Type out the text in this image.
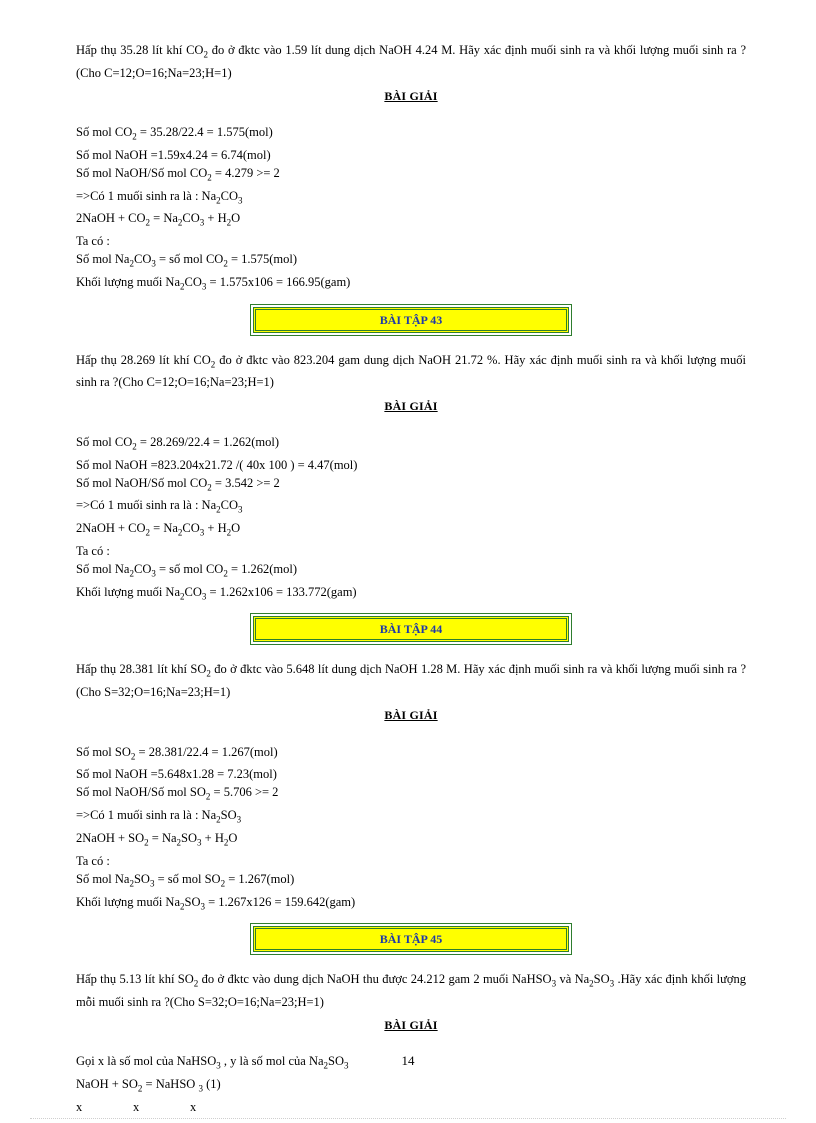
Hấp thụ 35.28 lít khí $CO_2$ đo ở đktc vào 1.59 lít dung dịch NaOH 4.24 M. Hãy xác định muối sinh ra và khối lượng muối sinh ra ?(Cho C=12;O=16;Na=23;H=1)

BÀI GIẢI

Số mol $CO_2 = 35.28/22.4 = 1.575(mol)$

Số mol NaOH =1.59x4.24 = 6.74(mol)

Số mol NaOH/Số mol $CO_2 = 4.279 >= 2$

=>Có 1 muối sinh ra là : $Na_2CO_3$

2NaOH + $CO_2 = Na_2CO_3 + H_2O$

Ta có :

Số mol $Na_2CO_3$ = số mol $CO_2 = 1.575(mol)$

Khối lượng muối $Na_2CO_3 = 1.575x106 = 166.95(gam)$

BÀI TẬP 43

Hấp thụ 28.269 lít khí $CO_2$ đo ở đktc vào 823.204 gam dung dịch NaOH 21.72 %. Hãy xác định muối sinh ra và khối lượng muối sinh ra ?(Cho C=12;O=16;Na=23;H=1)

BÀI GIẢI

Số mol $CO_2 = 28.269/22.4 = 1.262(mol)$

Số mol NaOH =823.204x21.72 /( 40x 100 ) = 4.47(mol)

Số mol NaOH/Số mol $CO_2 = 3.542 >= 2$

=>Có 1 muối sinh ra là : $Na_2CO_3$

2NaOH + $CO_2 = Na_2CO_3 + H_2O$

Ta có :

Số mol $Na_2CO_3$ = số mol $CO_2 = 1.262(mol)$

Khối lượng muối $Na_2CO_3 = 1.262x106 = 133.772(gam)$

BÀI TẬP 44

Hấp thụ 28.381 lít khí $SO_2$ đo ở đktc vào 5.648 lít dung dịch NaOH 1.28 M. Hãy xác định muối sinh ra và khối lượng muối sinh ra ?(Cho S=32;O=16;Na=23;H=1)

BÀI GIẢI

Số mol $SO_2 = 28.381/22.4 = 1.267(mol)$

Số mol NaOH =5.648x1.28 = 7.23(mol)

Số mol NaOH/Số mol $SO_2 = 5.706 >= 2$

=>Có 1 muối sinh ra là : $Na_2SO_3$

2NaOH + $SO_2 = Na_2SO_3 + H_2O$

Ta có :

Số mol $Na_2SO_3$ = số mol $SO_2 = 1.267(mol)$

Khối lượng muối $Na_2SO_3 = 1.267x126 = 159.642(gam)$

BÀI TẬP 45

Hấp thụ 5.13 lít khí $SO_2$ đo ở đktc vào dung dịch NaOH thu được 24.212 gam 2 muối NaHSO$_3$ và $Na_2SO_3$ .Hãy xác định khối lượng mỗi muối sinh ra ?(Cho S=32;O=16;Na=23;H=1)

BÀI GIẢI

Gọi x là số mol của NaHSO$_3$ , y là số mol của $Na_2SO_3$

NaOH + $SO_2$ = NaHSO $_3$ (1)

x	x	x
14
